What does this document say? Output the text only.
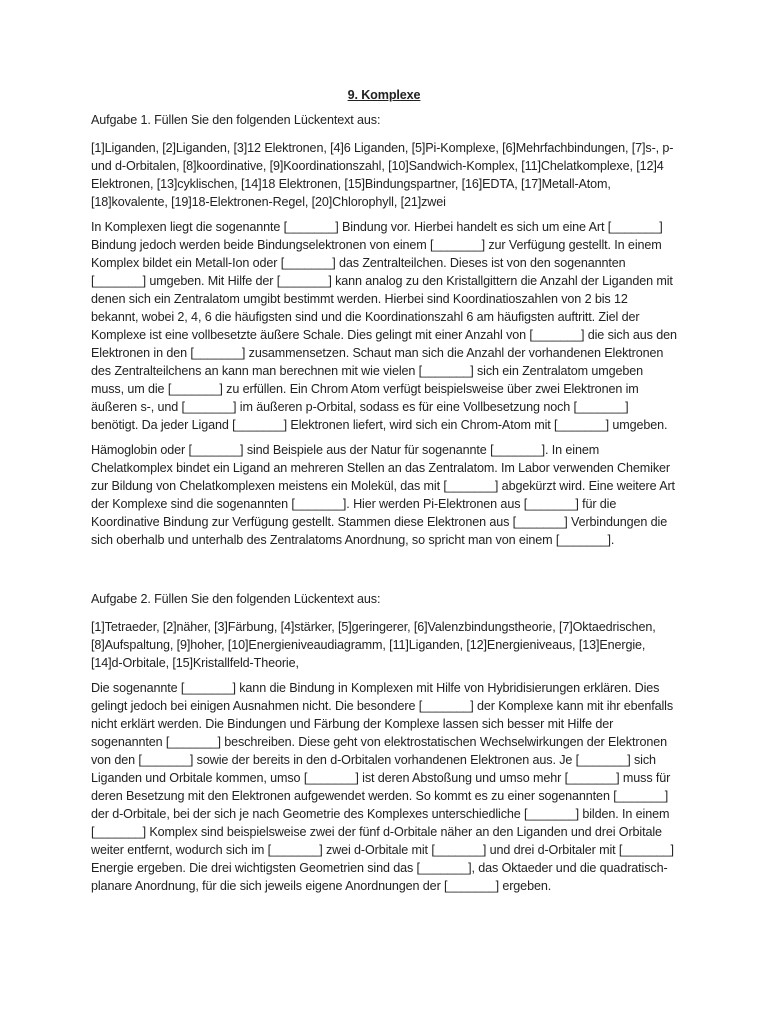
9. Komplexe

Aufgabe 1. Füllen Sie den folgenden Lückentext aus:

[1]Liganden, [2]Liganden, [3]12 Elektronen, [4]6 Liganden, [5]Pi-Komplexe, [6]Mehrfachbindungen, [7]s-, p- und d-Orbitalen, [8]koordinative, [9]Koordinationszahl, [10]Sandwich-Komplex, [11]Chelatkomplexe, [12]4 Elektronen, [13]cyklischen, [14]18 Elektronen, [15]Bindungspartner, [16]EDTA, [17]Metall-Atom, [18]kovalente, [19]18-Elektronen-Regel, [20]Chlorophyll, [21]zwei

In Komplexen liegt die sogenannte [_______] Bindung vor. Hierbei handelt es sich um eine Art [_______] Bindung jedoch werden beide Bindungselektronen von einem [_______] zur Verfügung gestellt. In einem Komplex bildet ein Metall-Ion oder [_______] das Zentralteilchen. Dieses ist von den sogenannten [_______] umgeben. Mit Hilfe der [_______] kann analog zu den Kristallgittern die Anzahl der Liganden mit denen sich ein Zentralatom umgibt bestimmt werden. Hierbei sind Koordinatioszahlen von 2 bis 12 bekannt, wobei 2, 4, 6 die häufigsten sind und die Koordinationszahl 6 am häufigsten auftritt. Ziel der Komplexe ist eine vollbesetzte äußere Schale. Dies gelingt mit einer Anzahl von [_______] die sich aus den Elektronen in den [_______] zusammensetzen. Schaut man sich die Anzahl der vorhandenen Elektronen des Zentralteilchens an kann man berechnen mit wie vielen [_______] sich ein Zentralatom umgeben muss, um die [_______] zu erfüllen. Ein Chrom Atom verfügt beispielsweise über zwei Elektronen im äußeren s-, und [_______] im äußeren p-Orbital, sodass es für eine Vollbesetzung noch [_______] benötigt. Da jeder Ligand [_______] Elektronen liefert, wird sich ein Chrom-Atom mit [_______] umgeben.

Hämoglobin oder [_______] sind Beispiele aus der Natur für sogenannte [_______]. In einem Chelatkomplex bindet ein Ligand an mehreren Stellen an das Zentralatom. Im Labor verwenden Chemiker zur Bildung von Chelatkomplexen meistens ein Molekül, das mit [_______] abgekürzt wird. Eine weitere Art der Komplexe sind die sogenannten [_______]. Hier werden Pi-Elektronen aus [_______] für die Koordinative Bindung zur Verfügung gestellt. Stammen diese Elektronen aus [_______] Verbindungen die sich oberhalb und unterhalb des Zentralatoms Anordnung, so spricht man von einem [_______].

Aufgabe 2. Füllen Sie den folgenden Lückentext aus:

[1]Tetraeder, [2]näher, [3]Färbung, [4]stärker, [5]geringerer, [6]Valenzbindungstheorie, [7]Oktaedrischen, [8]Aufspaltung, [9]hoher, [10]Energieniveaudiagramm, [11]Liganden, [12]Energieniveaus, [13]Energie, [14]d-Orbitale, [15]Kristallfeld-Theorie,

Die sogenannte [_______] kann die Bindung in Komplexen mit Hilfe von Hybridisierungen erklären. Dies gelingt jedoch bei einigen Ausnahmen nicht. Die besondere [_______] der Komplexe kann mit ihr ebenfalls nicht erklärt werden. Die Bindungen und Färbung der Komplexe lassen sich besser mit Hilfe der sogenannten [_______] beschreiben. Diese geht von elektrostatischen Wechselwirkungen der Elektronen von den [_______] sowie der bereits in den d-Orbitalen vorhandenen Elektronen aus. Je [_______] sich Liganden und Orbitale kommen, umso [_______] ist deren Abstoßung und umso mehr [_______] muss für deren Besetzung mit den Elektronen aufgewendet werden. So kommt es zu einer sogenannten [_______] der d-Orbitale, bei der sich je nach Geometrie des Komplexes unterschiedliche [_______] bilden. In einem [_______] Komplex sind beispielsweise zwei der fünf d-Orbitale näher an den Liganden und drei Orbitale weiter entfernt, wodurch sich im [_______] zwei d-Orbitale mit [_______] und drei d-Orbitaler mit [_______] Energie ergeben. Die drei wichtigsten Geometrien sind das [_______], das Oktaeder und die quadratisch-planare Anordnung, für die sich jeweils eigene Anordnungen der [_______] ergeben.
